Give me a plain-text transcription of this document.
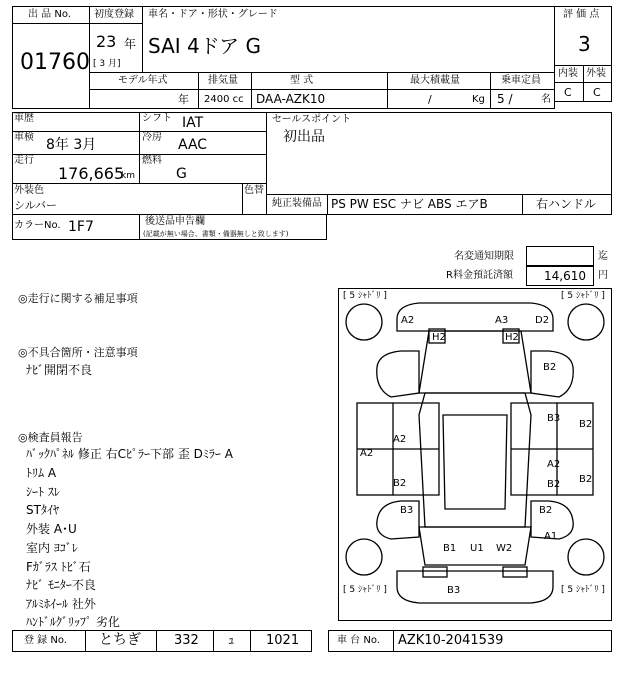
出 品 No.
01760
初度登録
23 年
[ 3 月]
車名・ドア・形状・グレード
SAI 4ドア G
評 価 点
3
内装 外装
C C
モデル年式
年
排気量
2400 cc
型 式
DAA-AZK10
最大積載量
/	Kg
乗車定員
5 /	名
車歴	シフト IAT
車検 8年 3月	冷房 AAC
走行
176,665
km
燃料
G
外装色
シルバー
色替
カラーNo. 1F7	後送品申告欄
(記載が無い場合、書類・備器無しと致します)
セールスポイント
初出品
純正装備品 PS PW ESC ナビ ABS エアB	右ハンドル
名変通知期限	迄
R料金預託済額	14,610 円
◎走行に関する補足事項
◎不具合箇所・注意事項
ﾅﾋﾞ開閉不良
◎検査員報告
ﾊﾞｯｸﾊﾟﾈﾙ 修正 右Cﾋﾟﾗｰ下部 歪 Dﾐﾗｰ A
ﾄﾘﾑ A
ｼｰﾄ ｽﾚ
STﾀｲﾔ
外装 A･U
室内 ﾖｺﾞﾚ
Fｶﾞﾗｽ ﾄﾋﾞ石
ﾅﾋﾞ ﾓﾆﾀｰ不良
ｱﾙﾐﾎｲｰﾙ 社外
ﾊﾝﾄﾞﾙｸﾞﾘｯﾌﾟ 劣化
[ 5 ｼｬﾄﾞﾘ ]	[ 5 ｼｬﾄﾞﾘ ]
[ 5 ｼｬﾄﾞﾘ ]	[ 5 ｼｬﾄﾞﾘ ]
A2	A3	D2
H2	H2
B2
B3
B2
A2
B2 B2
B2
A1
A2
A2
B2
B3
B3
B1 U1 W2
登 録 No. とちぎ	332 ｭ 1021	車 台 No. AZK10-2041539
